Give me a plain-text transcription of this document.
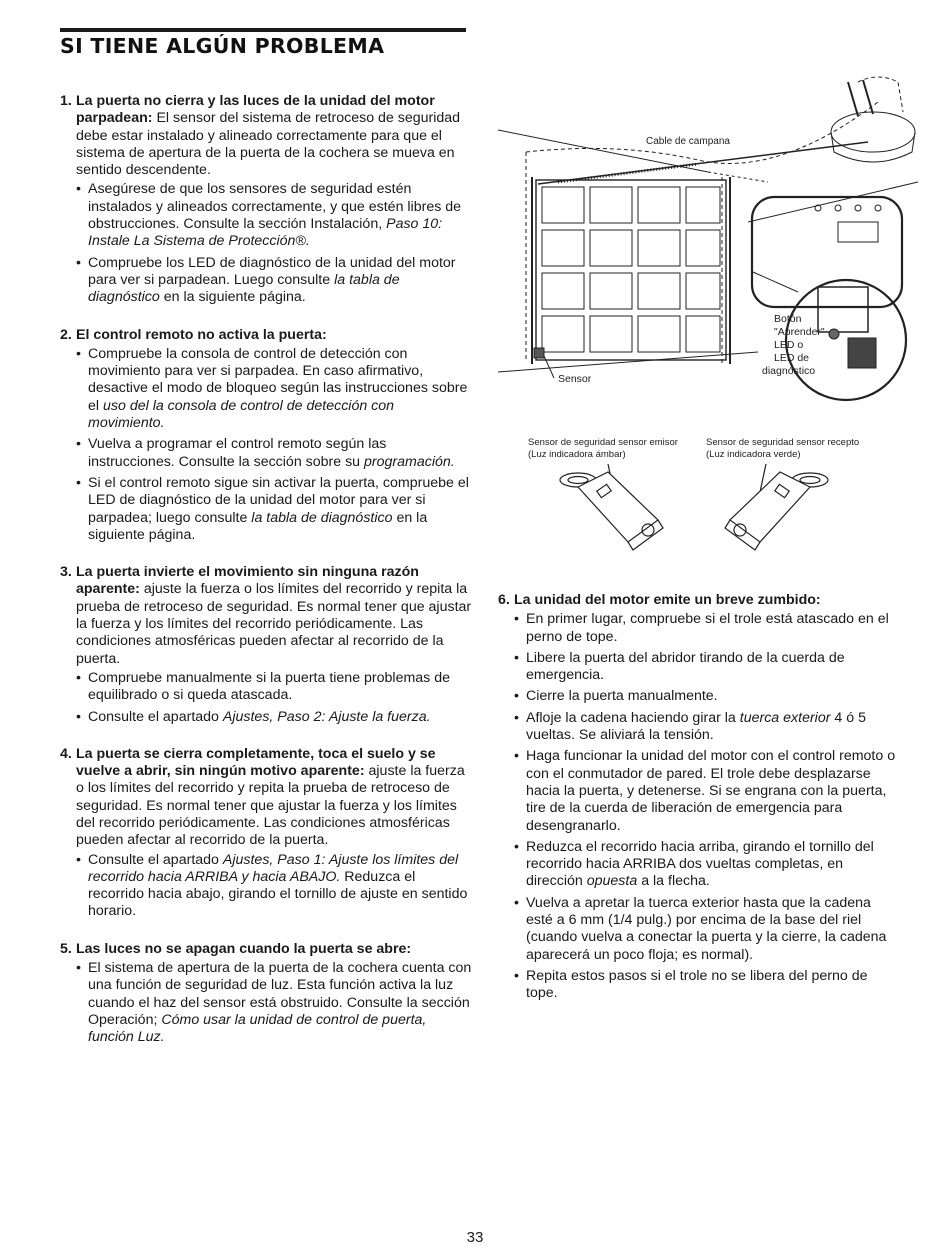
SI TIENE ALGÚN PROBLEMA
1. La puerta no cierra y las luces de la unidad del motor parpadean: El sensor del sistema de retroceso de seguridad debe estar instalado y alineado correctamente para que el sistema de apertura de la puerta de la cochera se mueva en sentido descendente.

• Asegúrese de que los sensores de seguridad estén instalados y alineados correctamente, y que estén libres de obstrucciones. Consulte la sección Instalación, Paso 10: Instale La Sistema de Protección®.
• Compruebe los LED de diagnóstico de la unidad del motor para ver si parpadean. Luego consulte la tabla de diagnóstico en la siguiente página.
2. El control remoto no activa la puerta:

• Compruebe la consola de control de detección con movimiento para ver si parpadea. En caso afirmativo, desactive el modo de bloqueo según las instrucciones sobre el uso del la consola de control de detección con movimiento.
• Vuelva a programar el control remoto según las instrucciones. Consulte la sección sobre su programación.
• Si el control remoto sigue sin activar la puerta, compruebe el LED de diagnóstico de la unidad del motor para ver si parpadea; luego consulte la tabla de diagnóstico en la siguiente página.
3. La puerta invierte el movimiento sin ninguna razón aparente: ajuste la fuerza o los límites del recorrido y repita la prueba de retroceso de seguridad. Es normal tener que ajustar la fuerza y los límites del recorrido periódicamente. Las condiciones atmosféricas pueden afectar al recorrido de la puerta.

• Compruebe manualmente si la puerta tiene problemas de equilibrado o si queda atascada.
• Consulte el apartado Ajustes, Paso 2: Ajuste la fuerza.
4. La puerta se cierra completamente, toca el suelo y se vuelve a abrir, sin ningún motivo aparente: ajuste la fuerza o los límites del recorrido y repita la prueba de retroceso de seguridad. Es normal tener que ajustar la fuerza y los límites del recorrido periódicamente. Las condiciones atmosféricas pueden afectar al recorrido de la puerta.

• Consulte el apartado Ajustes, Paso 1: Ajuste los límites del recorrido hacia ARRIBA y hacia ABAJO. Reduzca el recorrido hacia abajo, girando el tornillo de ajuste en sentido horario.
5. Las luces no se apagan cuando la puerta se abre:

• El sistema de apertura de la puerta de la cochera cuenta con una función de seguridad de luz. Esta función activa la luz cuando el haz del sensor está obstruido. Consulte la sección Operación; Cómo usar la unidad de control de puerta, función Luz.
Cable de campana
Botón
"Aprender"
LED o
LED de
diagnóstico
Sensor
Sensor de seguridad sensor emisor
(Luz indicadora ámbar)
Sensor de seguridad sensor recepto
(Luz indicadora verde)
6. La unidad del motor emite un breve zumbido:

• En primer lugar, compruebe si el trole está atascado en el perno de tope.
• Libere la puerta del abridor tirando de la cuerda de emergencia.
• Cierre la puerta manualmente.
• Afloje la cadena haciendo girar la tuerca exterior 4 ó 5 vueltas. Se aliviará la tensión.
• Haga funcionar la unidad del motor con el control remoto o con el conmutador de pared. El trole debe desplazarse hacia la puerta, y detenerse. Si se engrana con la puerta, tire de la cuerda de liberación de emergencia para desengranarlo.
• Reduzca el recorrido hacia arriba, girando el tornillo del recorrido hacia ARRIBA dos vueltas completas, en dirección opuesta a la flecha.
• Vuelva a apretar la tuerca exterior hasta que la cadena esté a 6 mm (1/4 pulg.) por encima de la base del riel (cuando vuelva a conectar la puerta y la cierre, la cadena aparecerá un poco floja; es normal).
• Repita estos pasos si el trole no se libera del perno de tope.
33
